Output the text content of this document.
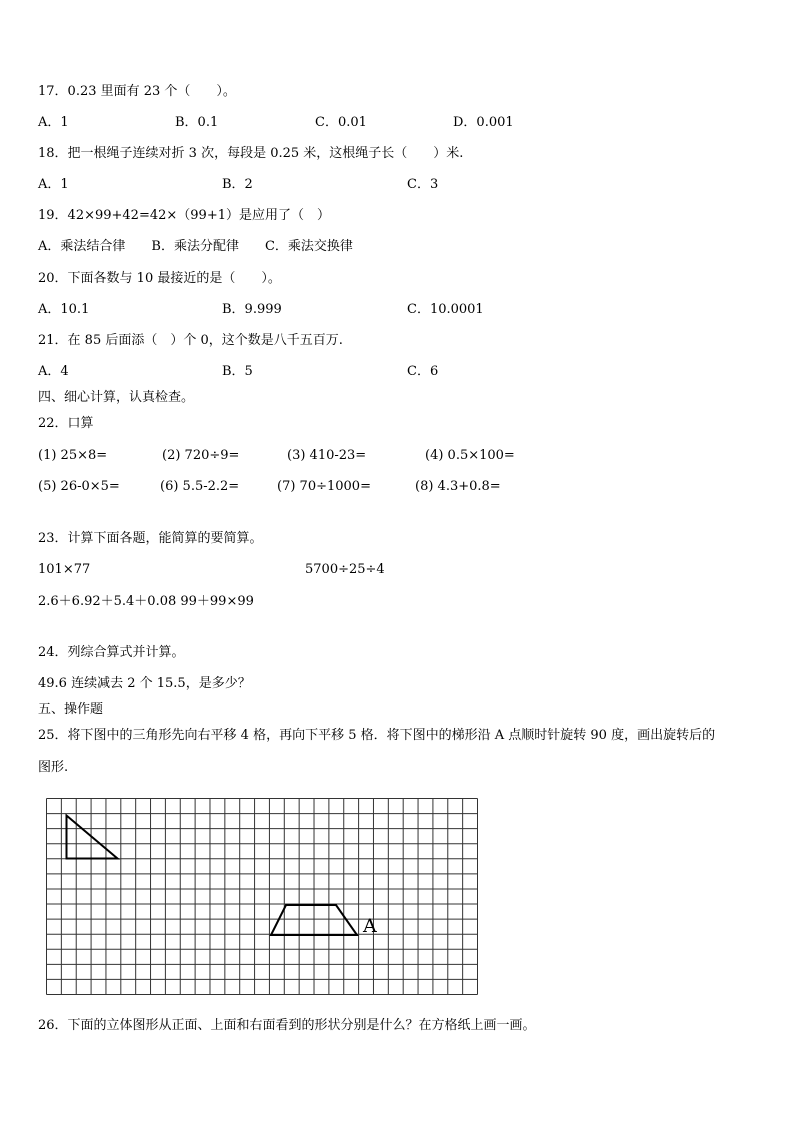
17．0.23 里面有 23 个（　　）。
A．1	B．0.1	C．0.01	D．0.001
18．把一根绳子连续对折 3 次，每段是 0.25 米，这根绳子长（　　）米.
A．1	B．2	C．3
19．42×99+42=42×（99+1）是应用了（　）
A．乘法结合律　　B．乘法分配律　　C．乘法交换律
20．下面各数与 10 最接近的是（　　）。
A．10.1	B．9.999	C．10.0001
21．在 85 后面添（　）个 0，这个数是八千五百万.
A．4	B．5	C．6
四、细心计算，认真检查。
22．口算
(1) 25×8=	(2) 720÷9=	(3) 410-23=	(4) 0.5×100=
(5) 26-0×5=	(6) 5.5-2.2=	(7) 70÷1000=	(8) 4.3+0.8=
23．计算下面各题，能简算的要简算。
101×77	5700÷25÷4
2.6＋6.92＋5.4＋0.08 99＋99×99
24．列综合算式并计算。
49.6 连续减去 2 个 15.5，是多少？
五、操作题
25．将下图中的三角形先向右平移 4 格，再向下平移 5 格．将下图中的梯形沿 A 点顺时针旋转 90 度，画出旋转后的
图形.
A
26．下面的立体图形从正面、上面和右面看到的形状分别是什么？在方格纸上画一画。
